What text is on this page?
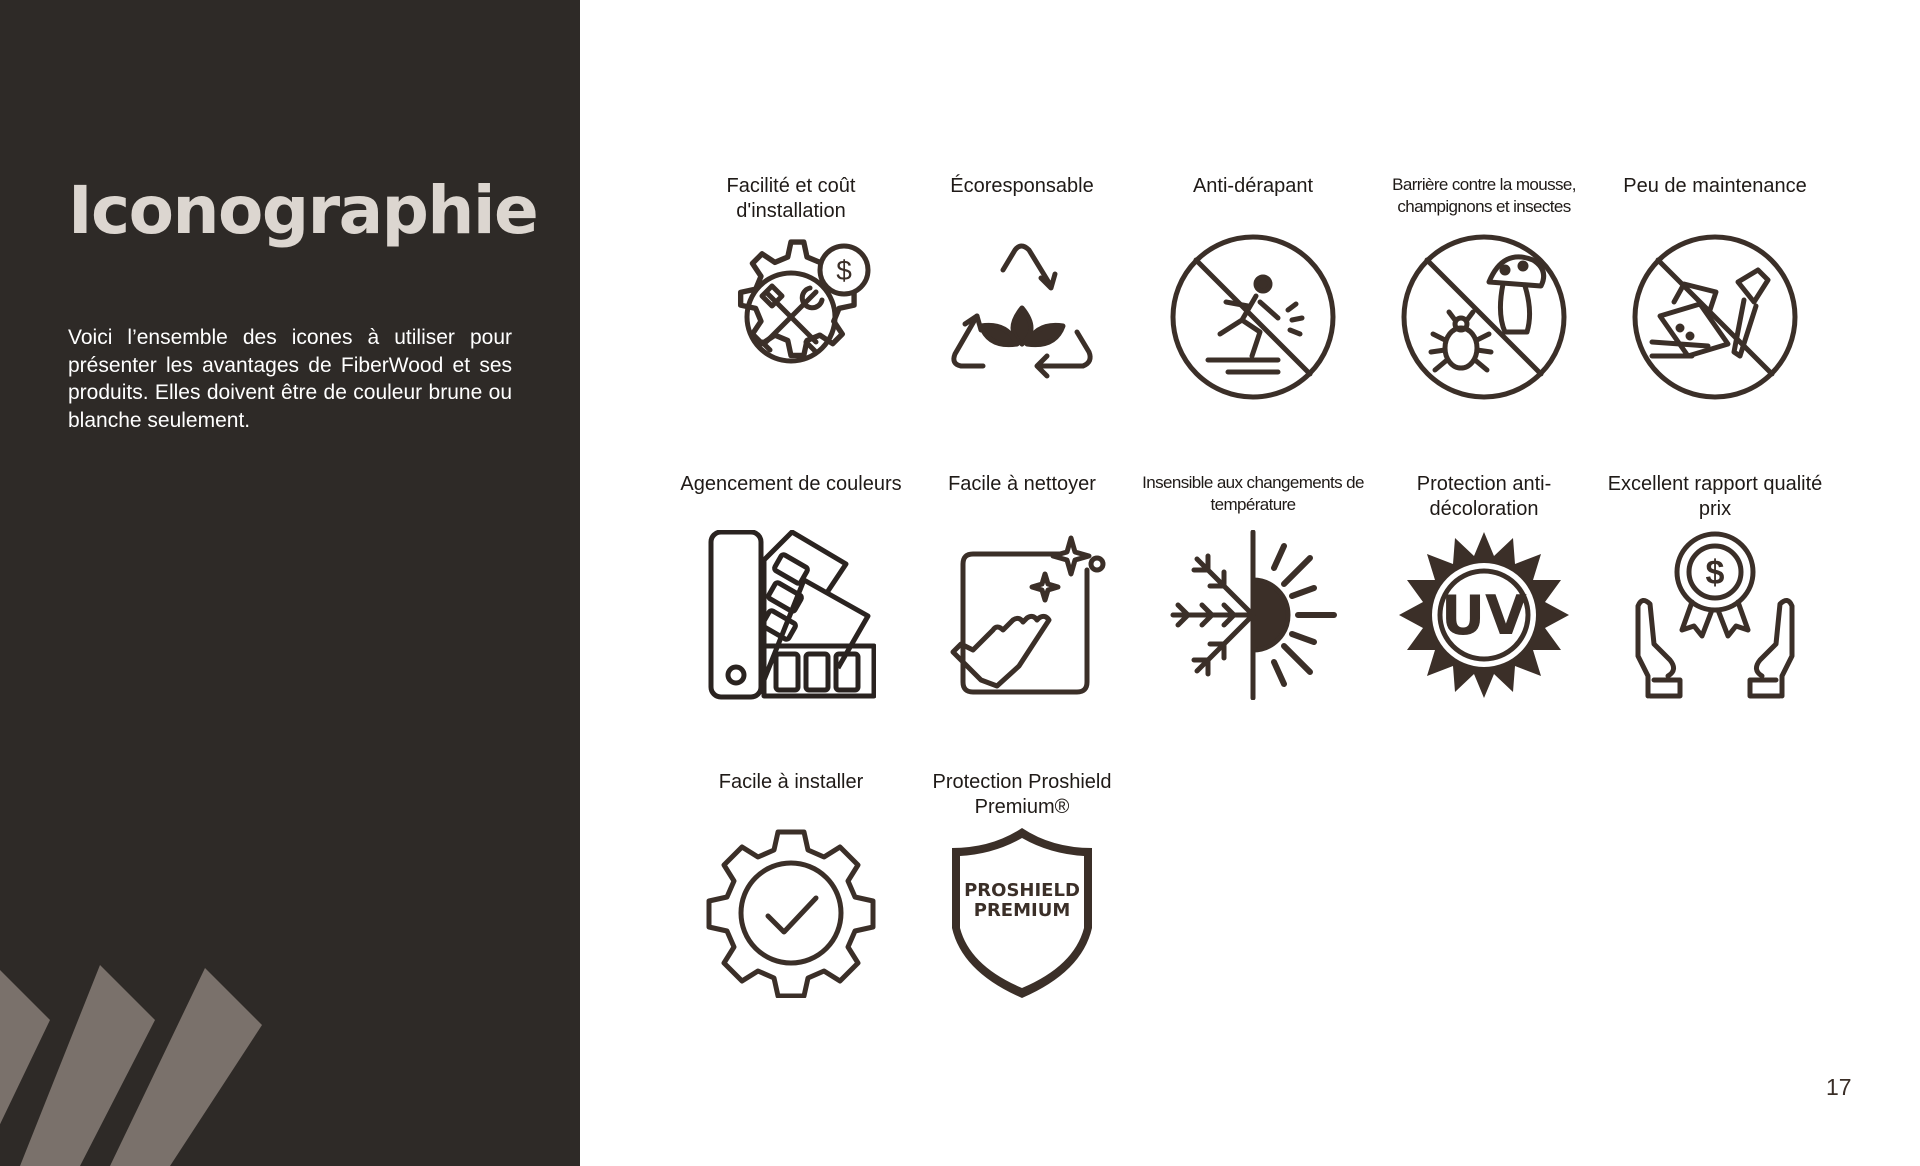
Iconographie

Voici l’ensemble des icones à utiliser pour présenter les avantages de FiberWood et ses produits. Elles doivent être de couleur brune ou blanche seulement.

Facilité et coût d'installation
$
Écoresponsable	Anti-dérapant	Barrière contre la mousse, champignons et insectes
Peu de maintenance
Agencement de couleurs	Facile à nettoyer	Insensible aux changements de température
Protection anti-décoloration
UV
Excellent rapport qualité prix
$
Facile à installer	Protection Proshield Premium®
PROSHIELD
PREMIUM
17
